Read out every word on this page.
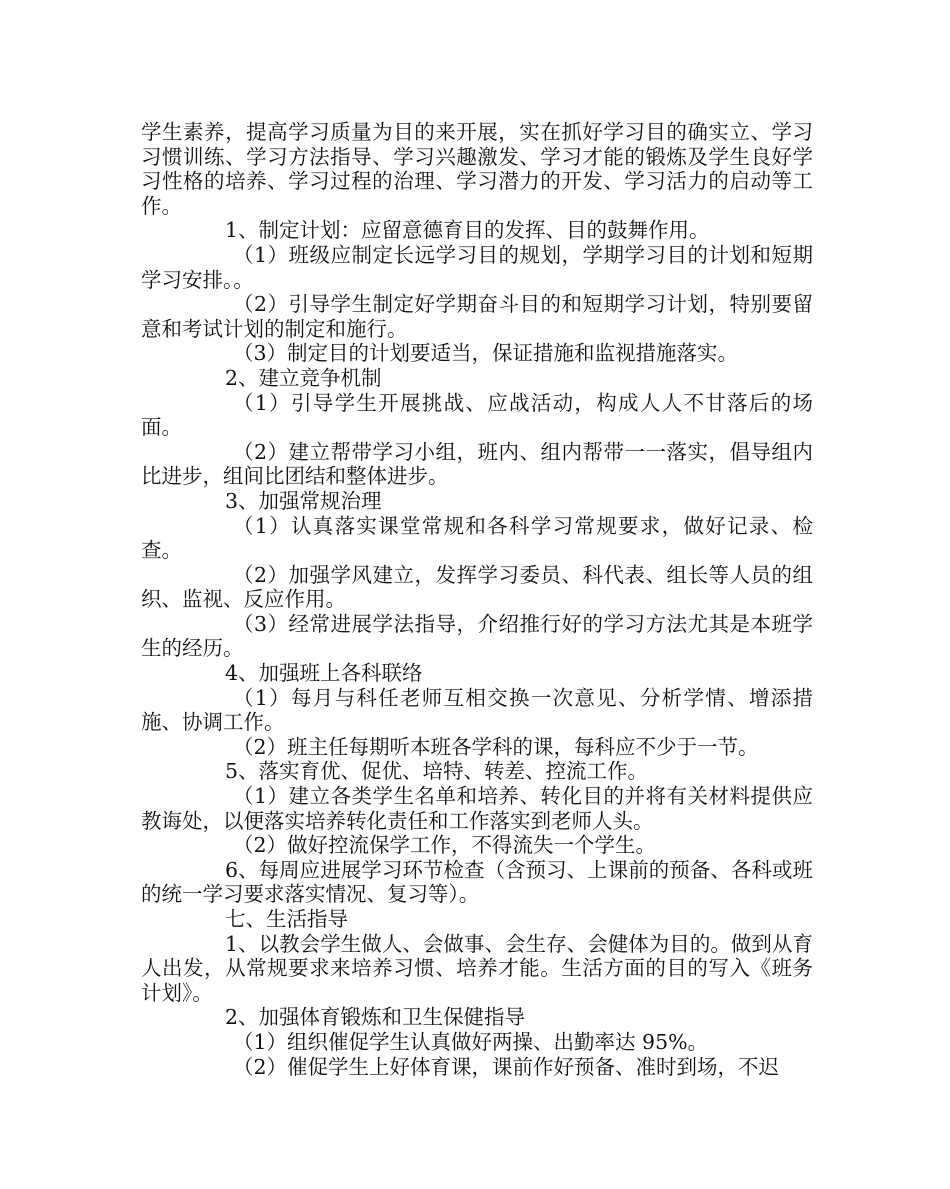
学生素养，提高学习质量为目的来开展，实在抓好学习目的确实立、学习习惯训练、学习方法指导、学习兴趣激发、学习才能的锻炼及学生良好学习性格的培养、学习过程的治理、学习潜力的开发、学习活力的启动等工作。

1、制定计划：应留意德育目的发挥、目的鼓舞作用。

（1）班级应制定长远学习目的规划，学期学习目的计划和短期学习安排。。

（2）引导学生制定好学期奋斗目的和短期学习计划，特别要留意和考试计划的制定和施行。

（3）制定目的计划要适当，保证措施和监视措施落实。

2、建立竞争机制

（1）引导学生开展挑战、应战活动，构成人人不甘落后的场面。

（2）建立帮带学习小组，班内、组内帮带一一落实，倡导组内比进步，组间比团结和整体进步。

3、加强常规治理

（1）认真落实课堂常规和各科学习常规要求，做好记录、检查。

（2）加强学风建立，发挥学习委员、科代表、组长等人员的组织、监视、反应作用。

（3）经常进展学法指导，介绍推行好的学习方法尤其是本班学生的经历。

4、加强班上各科联络

（1）每月与科任老师互相交换一次意见、分析学情、增添措施、协调工作。

（2）班主任每期听本班各学科的课，每科应不少于一节。

5、落实育优、促优、培特、转差、控流工作。

（1）建立各类学生名单和培养、转化目的并将有关材料提供应教诲处，以便落实培养转化责任和工作落实到老师人头。

（2）做好控流保学工作，不得流失一个学生。

6、每周应进展学习环节检查（含预习、上课前的预备、各科或班的统一学习要求落实情况、复习等）。

七、生活指导

1、以教会学生做人、会做事、会生存、会健体为目的。做到从育人出发，从常规要求来培养习惯、培养才能。生活方面的目的写入《班务计划》。

2、加强体育锻炼和卫生保健指导

（1）组织催促学生认真做好两操、出勤率达 95%。

（2）催促学生上好体育课，课前作好预备、准时到场，不迟
